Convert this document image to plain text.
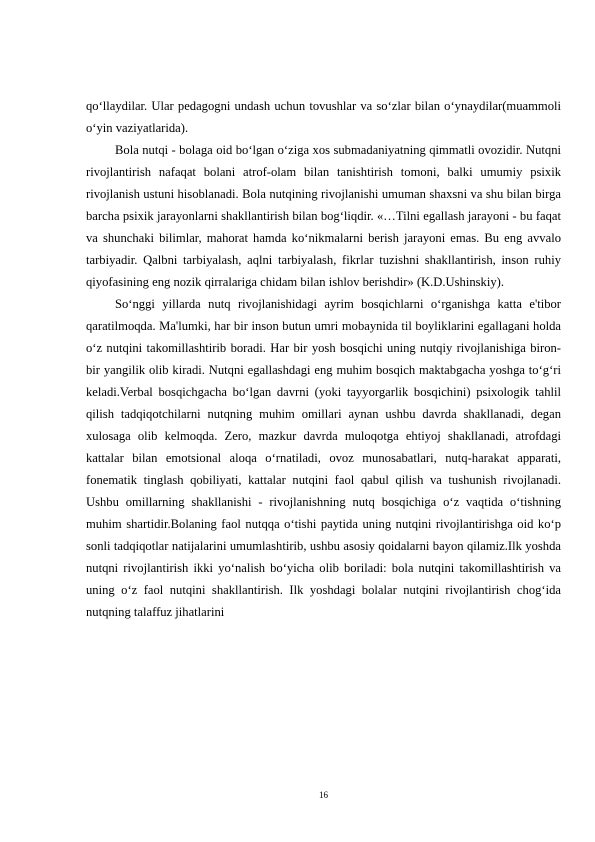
qo‘llaydilar. Ular pedagogni undash uchun tovushlar va so‘zlar bilan o‘ynaydilar(muammoli o‘yin vaziyatlarida).

Bola nutqi - bolaga oid bo‘lgan o‘ziga xos submadaniyatning qimmatli ovozidir. Nutqni rivojlantirish nafaqat bolani atrof-olam bilan tanishtirish tomoni, balki umumiy psixik rivojlanish ustuni hisoblanadi. Bola nutqining rivojlanishi umuman shaxsni va shu bilan birga barcha psixik jarayonlarni shakllantirish bilan bog‘liqdir. «…Tilni egallash jarayoni - bu faqat va shunchaki bilimlar, mahorat hamda ko‘nikmalarni berish jarayoni emas. Bu eng avvalo tarbiyadir. Qalbni tarbiyalash, aqlni tarbiyalash, fikrlar tuzishni shakllantirish, inson ruhiy qiyofasining eng nozik qirralariga chidam bilan ishlov berishdir» (K.D.Ushinskiy).

So‘nggi yillarda nutq rivojlanishidagi ayrim bosqichlarni o‘rganishga katta e'tibor qaratilmoqda. Ma'lumki, har bir inson butun umri mobaynida til boyliklarini egallagani holda o‘z nutqini takomillashtirib boradi. Har bir yosh bosqichi uning nutqiy rivojlanishiga biron-bir yangilik olib kiradi. Nutqni egallashdagi eng muhim bosqich maktabgacha yoshga to‘g‘ri keladi.Verbal bosqichgacha bo‘lgan davrni (yoki tayyorgarlik bosqichini) psixologik tahlil qilish tadqiqotchilarni nutqning muhim omillari aynan ushbu davrda shakllanadi, degan xulosaga olib kelmoqda. Zero, mazkur davrda muloqotga ehtiyoj shakllanadi, atrofdagi kattalar bilan emotsional aloqa o‘rnatiladi, ovoz munosabatlari, nutq-harakat apparati, fonematik tinglash qobiliyati, kattalar nutqini faol qabul qilish va tushunish rivojlanadi. Ushbu omillarning shakllanishi - rivojlanishning nutq bosqichiga o‘z vaqtida o‘tishning muhim shartidir.Bolaning faol nutqqa o‘tishi paytida uning nutqini rivojlantirishga oid ko‘p sonli tadqiqotlar natijalarini umumlashtirib, ushbu asosiy qoidalarni bayon qilamiz.Ilk yoshda nutqni rivojlantirish ikki yo‘nalish bo‘yicha olib boriladi: bola nutqini takomillashtirish va uning o‘z faol nutqini shakllantirish. Ilk yoshdagi bolalar nutqini rivojlantirish chog‘ida nutqning talaffuz jihatlarini

16
